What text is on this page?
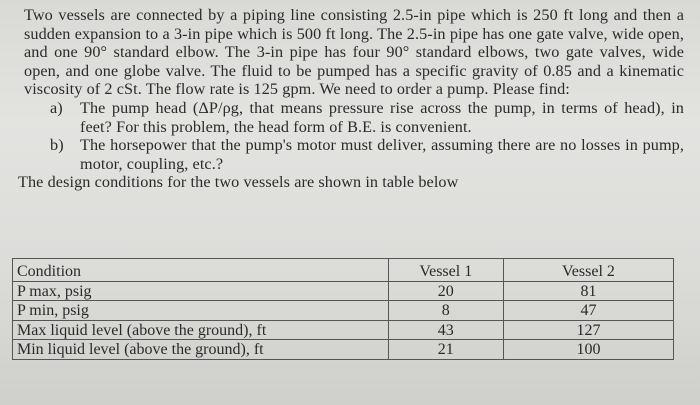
Two vessels are connected by a piping line consisting 2.5-in pipe which is 250 ft long and then a sudden expansion to a 3-in pipe which is 500 ft long. The 2.5-in pipe has one gate valve, wide open, and one 90° standard elbow. The 3-in pipe has four 90° standard elbows, two gate valves, wide open, and one globe valve. The fluid to be pumped has a specific gravity of 0.85 and a kinematic viscosity of 2 cSt. The flow rate is 125 gpm. We need to order a pump. Please find:

a) The pump head (ΔP/ρg, that means pressure rise across the pump, in terms of head), in feet? For this problem, the head form of B.E. is convenient.

b) The horsepower that the pump's motor must deliver, assuming there are no losses in pump, motor, coupling, etc.?

The design conditions for the two vessels are shown in table below

Condition	Vessel 1	Vessel 2
P max, psig	20	81
P min, psig	8	47
Max liquid level (above the ground), ft	43	127
Min liquid level (above the ground), ft	21	100
